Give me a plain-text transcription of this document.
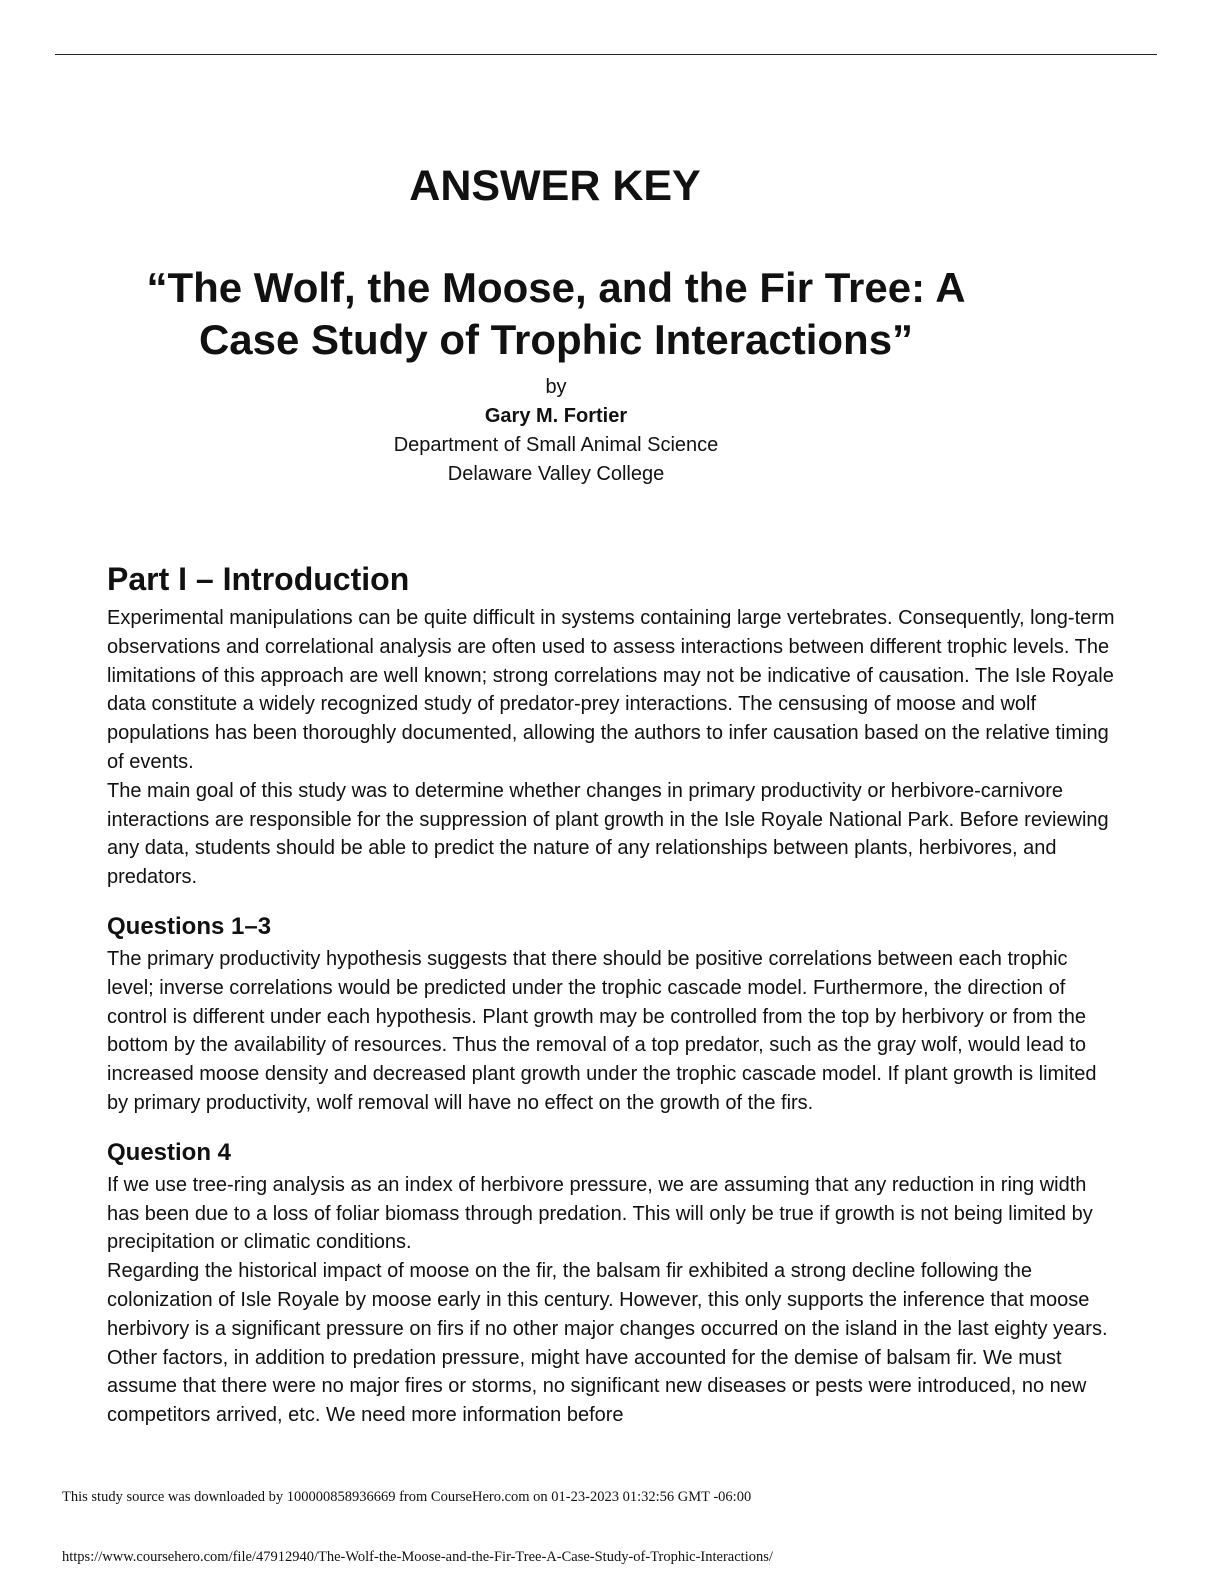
ANSWER KEY
“The Wolf, the Moose, and the Fir Tree: A
Case Study of Trophic Interactions”
by
Gary M. Fortier
Department of Small Animal Science
Delaware Valley College
Part I – Introduction

Experimental manipulations can be quite difficult in systems containing large vertebrates. Consequently, long-term observations and correlational analysis are often used to assess interactions between different trophic levels. The limitations of this approach are well known; strong correlations may not be indicative of causation. The Isle Royale data constitute a widely recognized study of predator-prey interactions. The censusing of moose and wolf populations has been thoroughly documented, allowing the authors to infer causation based on the relative timing of events.

The main goal of this study was to determine whether changes in primary productivity or herbivore-carnivore interactions are responsible for the suppression of plant growth in the Isle Royale National Park. Before reviewing any data, students should be able to predict the nature of any relationships between plants, herbivores, and predators.

Questions 1–3

The primary productivity hypothesis suggests that there should be positive correlations between each trophic level; inverse correlations would be predicted under the trophic cascade model. Furthermore, the direction of control is different under each hypothesis. Plant growth may be controlled from the top by herbivory or from the bottom by the availability of resources. Thus the removal of a top predator, such as the gray wolf, would lead to increased moose density and decreased plant growth under the trophic cascade model. If plant growth is limited by primary productivity, wolf removal will have no effect on the growth of the firs.

Question 4

If we use tree-ring analysis as an index of herbivore pressure, we are assuming that any reduction in ring width has been due to a loss of foliar biomass through predation. This will only be true if growth is not being limited by precipitation or climatic conditions.

Regarding the historical impact of moose on the fir, the balsam fir exhibited a strong decline following the colonization of Isle Royale by moose early in this century. However, this only supports the inference that moose herbivory is a significant pressure on firs if no other major changes occurred on the island in the last eighty years. Other factors, in addition to predation pressure, might have accounted for the demise of balsam fir. We must assume that there were no major fires or storms, no significant new diseases or pests were introduced, no new competitors arrived, etc. We need more information before

This study source was downloaded by 100000858936669 from CourseHero.com on 01-23-2023 01:32:56 GMT -06:00
https://www.coursehero.com/file/47912940/The-Wolf-the-Moose-and-the-Fir-Tree-A-Case-Study-of-Trophic-Interactions/
